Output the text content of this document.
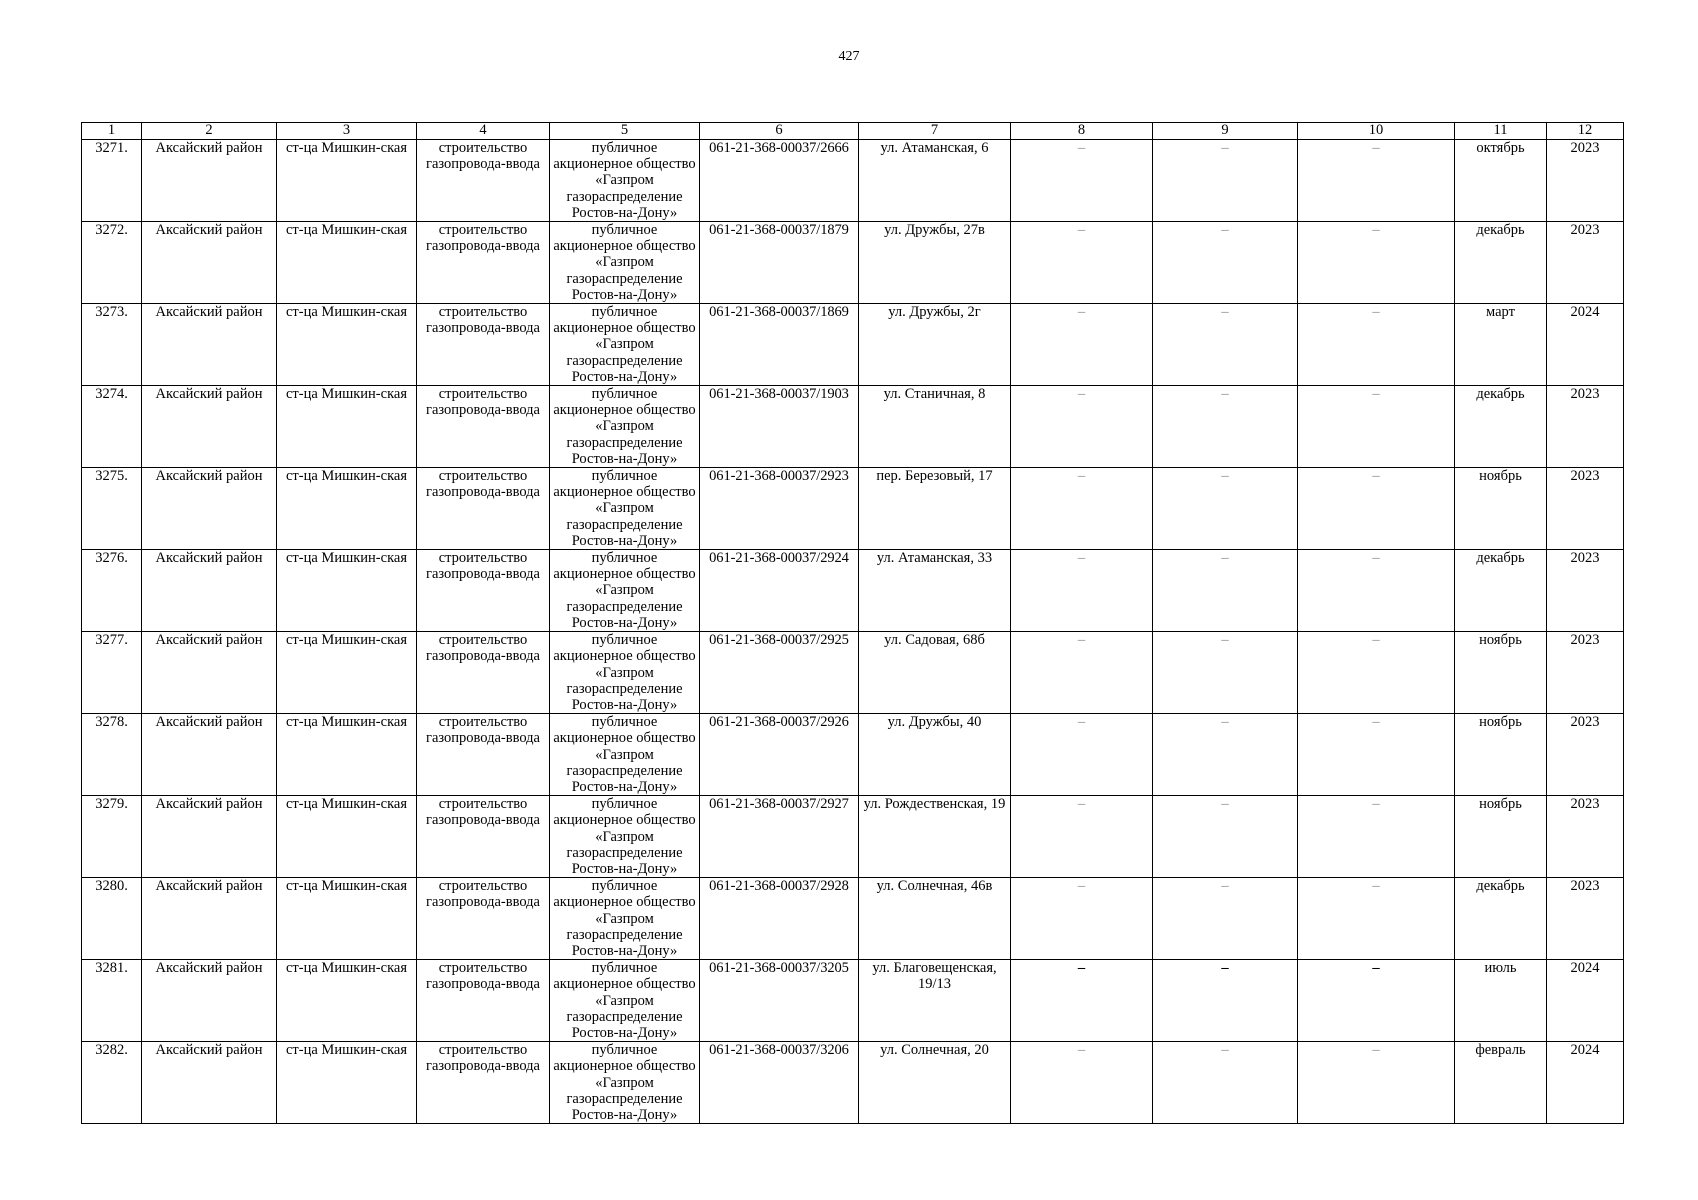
427
1	2	3	4	5	6	7	8	9	10	11	12
3271.	Аксайский район	ст-ца Мишкин-ская	строительство газопровода-ввода	публичное акционерное общество «Газпром газораспределение Ростов-на-Дону»	061-21-368-00037/2666	ул. Атаманская, 6	–	–	–	октябрь	2023
3272.	Аксайский район	ст-ца Мишкин-ская	строительство газопровода-ввода	публичное акционерное общество «Газпром газораспределение Ростов-на-Дону»	061-21-368-00037/1879	ул. Дружбы, 27в	–	–	–	декабрь	2023
3273.	Аксайский район	ст-ца Мишкин-ская	строительство газопровода-ввода	публичное акционерное общество «Газпром газораспределение Ростов-на-Дону»	061-21-368-00037/1869	ул. Дружбы, 2г	–	–	–	март	2024
3274.	Аксайский район	ст-ца Мишкин-ская	строительство газопровода-ввода	публичное акционерное общество «Газпром газораспределение Ростов-на-Дону»	061-21-368-00037/1903	ул. Станичная, 8	–	–	–	декабрь	2023
3275.	Аксайский район	ст-ца Мишкин-ская	строительство газопровода-ввода	публичное акционерное общество «Газпром газораспределение Ростов-на-Дону»	061-21-368-00037/2923	пер. Березовый, 17	–	–	–	ноябрь	2023
3276.	Аксайский район	ст-ца Мишкин-ская	строительство газопровода-ввода	публичное акционерное общество «Газпром газораспределение Ростов-на-Дону»	061-21-368-00037/2924	ул. Атаманская, 33	–	–	–	декабрь	2023
3277.	Аксайский район	ст-ца Мишкин-ская	строительство газопровода-ввода	публичное акционерное общество «Газпром газораспределение Ростов-на-Дону»	061-21-368-00037/2925	ул. Садовая, 68б	–	–	–	ноябрь	2023
3278.	Аксайский район	ст-ца Мишкин-ская	строительство газопровода-ввода	публичное акционерное общество «Газпром газораспределение Ростов-на-Дону»	061-21-368-00037/2926	ул. Дружбы, 40	–	–	–	ноябрь	2023
3279.	Аксайский район	ст-ца Мишкин-ская	строительство газопровода-ввода	публичное акционерное общество «Газпром газораспределение Ростов-на-Дону»	061-21-368-00037/2927	ул. Рождественская, 19	–	–	–	ноябрь	2023
3280.	Аксайский район	ст-ца Мишкин-ская	строительство газопровода-ввода	публичное акционерное общество «Газпром газораспределение Ростов-на-Дону»	061-21-368-00037/2928	ул. Солнечная, 46в	–	–	–	декабрь	2023
3281.	Аксайский район	ст-ца Мишкин-ская	строительство газопровода-ввода	публичное акционерное общество «Газпром газораспределение Ростов-на-Дону»	061-21-368-00037/3205	ул. Благовещенская, 19/13	–	–	–	июль	2024
3282.	Аксайский район	ст-ца Мишкин-ская	строительство газопровода-ввода	публичное акционерное общество «Газпром газораспределение Ростов-на-Дону»	061-21-368-00037/3206	ул. Солнечная, 20	–	–	–	февраль	2024
